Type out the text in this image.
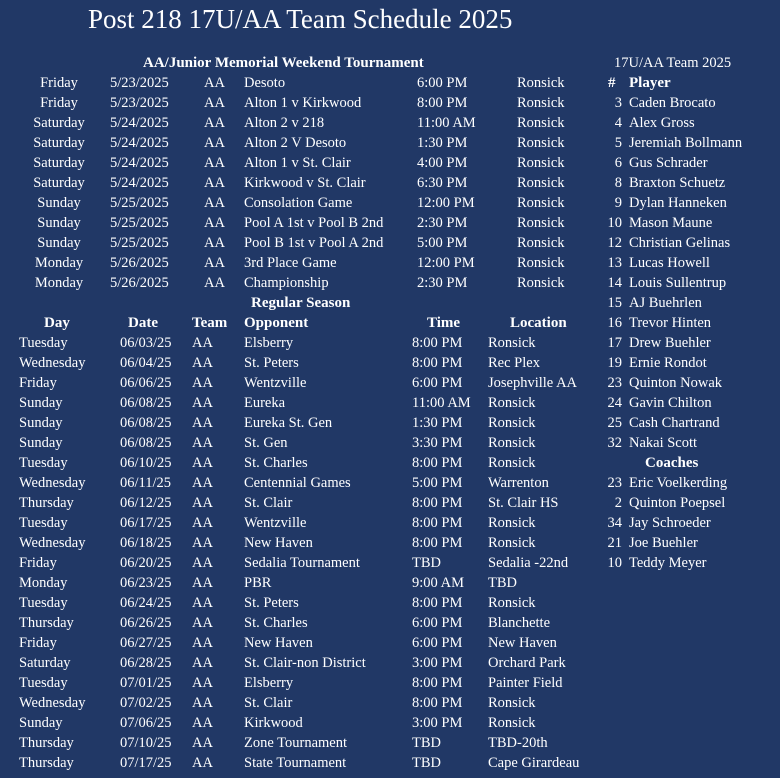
Post 218 17U/AA Team Schedule 2025
AA/Junior Memorial Weekend Tournament
Regular Season
Day	Date Team Opponent	Time	Location
17U/AA Team 2025
# Player
Coaches
Friday	5/23/2025 AA Desoto	6:00 PM	Ronsick
Friday	5/23/2025 AA Alton 1 v Kirkwood	8:00 PM	Ronsick
Saturday	5/24/2025 AA Alton 2 v 218	11:00 AM	Ronsick
Saturday	5/24/2025 AA Alton 2 V Desoto	1:30 PM	Ronsick
Saturday	5/24/2025 AA Alton 1 v St. Clair	4:00 PM	Ronsick
Saturday	5/24/2025 AA Kirkwood v St. Clair	6:30 PM	Ronsick
Sunday	5/25/2025 AA Consolation Game	12:00 PM	Ronsick
Sunday	5/25/2025 AA Pool A 1st v Pool B 2nd 2:30 PM	Ronsick
Sunday	5/25/2025 AA Pool B 1st v Pool A 2nd 5:00 PM	Ronsick
Monday	5/26/2025 AA 3rd Place Game	12:00 PM	Ronsick
Monday	5/26/2025 AA Championship	2:30 PM	Ronsick
Tuesday	06/03/25 AA Elsberry	8:00 PM Ronsick
Wednesday 06/04/25 AA St. Peters	8:00 PM Rec Plex
Friday	06/06/25 AA Wentzville	6:00 PM Josephville AA
Sunday	06/08/25 AA Eureka	11:00 AM Ronsick
Sunday	06/08/25 AA Eureka St. Gen	1:30 PM Ronsick
Sunday	06/08/25 AA St. Gen	3:30 PM Ronsick
Tuesday	06/10/25 AA St. Charles	8:00 PM Ronsick
Wednesday 06/11/25 AA Centennial Games	5:00 PM Warrenton
Thursday	06/12/25 AA St. Clair	8:00 PM St. Clair HS
Tuesday	06/17/25 AA Wentzville	8:00 PM Ronsick
Wednesday 06/18/25 AA New Haven	8:00 PM Ronsick
Friday	06/20/25 AA Sedalia Tournament	TBD	Sedalia -22nd
Monday	06/23/25 AA PBR	9:00 AM TBD
Tuesday	06/24/25 AA St. Peters	8:00 PM Ronsick
Thursday	06/26/25 AA St. Charles	6:00 PM Blanchette
Friday	06/27/25 AA New Haven	6:00 PM New Haven
Saturday	06/28/25 AA St. Clair-non District	3:00 PM Orchard Park
Tuesday	07/01/25 AA Elsberry	8:00 PM Painter Field
Wednesday 07/02/25 AA St. Clair	8:00 PM Ronsick
Sunday	07/06/25 AA Kirkwood	3:00 PM Ronsick
Thursday	07/10/25 AA Zone Tournament	TBD	TBD-20th
Thursday	07/17/25 AA State Tournament	TBD	Cape Girardeau
3 Caden Brocato
4 Alex Gross
5 Jeremiah Bollmann
6 Gus Schrader
8 Braxton Schuetz
9 Dylan Hanneken
10 Mason Maune
12 Christian Gelinas
13 Lucas Howell
14 Louis Sullentrup
15 AJ Buehrlen
16 Trevor Hinten
17 Drew Buehler
19 Ernie Rondot
23 Quinton Nowak
24 Gavin Chilton
25 Cash Chartrand
32 Nakai Scott
23 Eric Voelkerding
2 Quinton Poepsel
34 Jay Schroeder
21 Joe Buehler
10 Teddy Meyer
